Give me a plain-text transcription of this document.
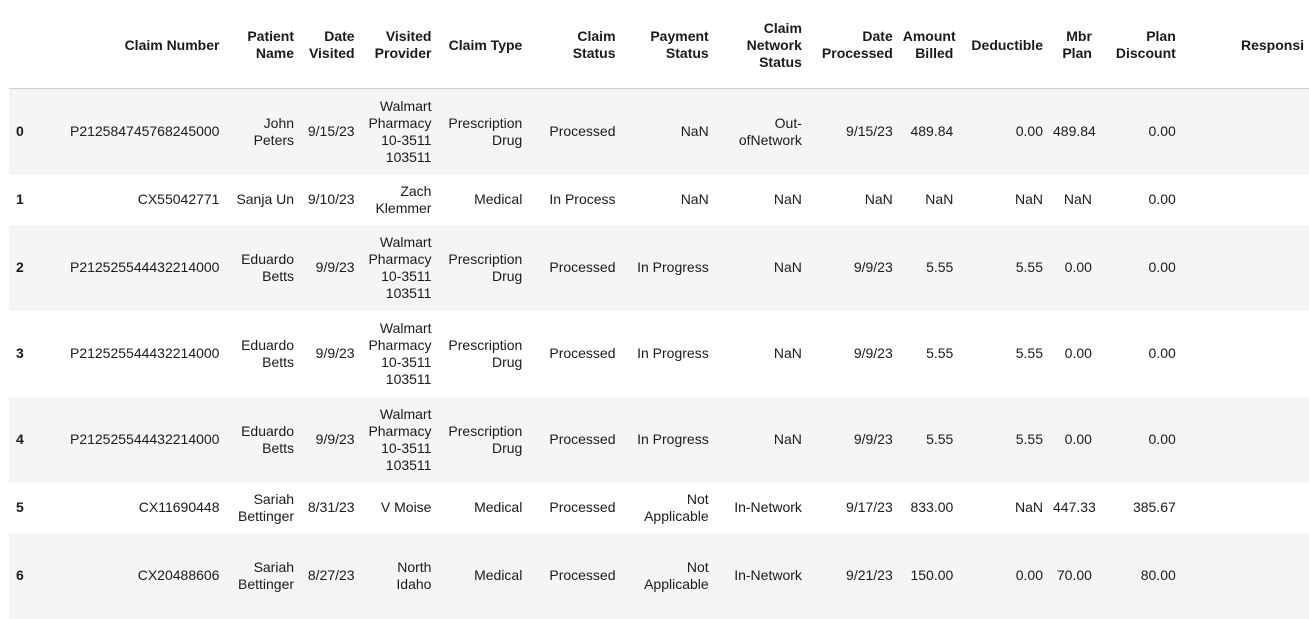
	Claim Number	Patient Name	Date Visited	Visited Provider	Claim Type	Claim Status	Payment Status	Claim Network Status	Date Processed	Amount Billed	Deductible	Mbr Plan	Plan Discount	Responsi
0	P212584745768245000	John Peters	9/15/23	Walmart Pharmacy 10-3511 103511	Prescription Drug	Processed	NaN	Out-ofNetwork	9/15/23	489.84	0.00	489.84	0.00	
1	CX55042771	Sanja Un	9/10/23	Zach Klemmer	Medical	In Process	NaN	NaN	NaN	NaN	NaN	NaN	0.00	
2	P212525544432214000	Eduardo Betts	9/9/23	Walmart Pharmacy 10-3511 103511	Prescription Drug	Processed	In Progress	NaN	9/9/23	5.55	5.55	0.00	0.00	
3	P212525544432214000	Eduardo Betts	9/9/23	Walmart Pharmacy 10-3511 103511	Prescription Drug	Processed	In Progress	NaN	9/9/23	5.55	5.55	0.00	0.00	
4	P212525544432214000	Eduardo Betts	9/9/23	Walmart Pharmacy 10-3511 103511	Prescription Drug	Processed	In Progress	NaN	9/9/23	5.55	5.55	0.00	0.00	
5	CX11690448	Sariah Bettinger	8/31/23	V Moise	Medical	Processed	Not Applicable	In-Network	9/17/23	833.00	NaN	447.33	385.67	
6	CX20488606	Sariah Bettinger	8/27/23	North Idaho	Medical	Processed	Not Applicable	In-Network	9/21/23	150.00	0.00	70.00	80.00	
